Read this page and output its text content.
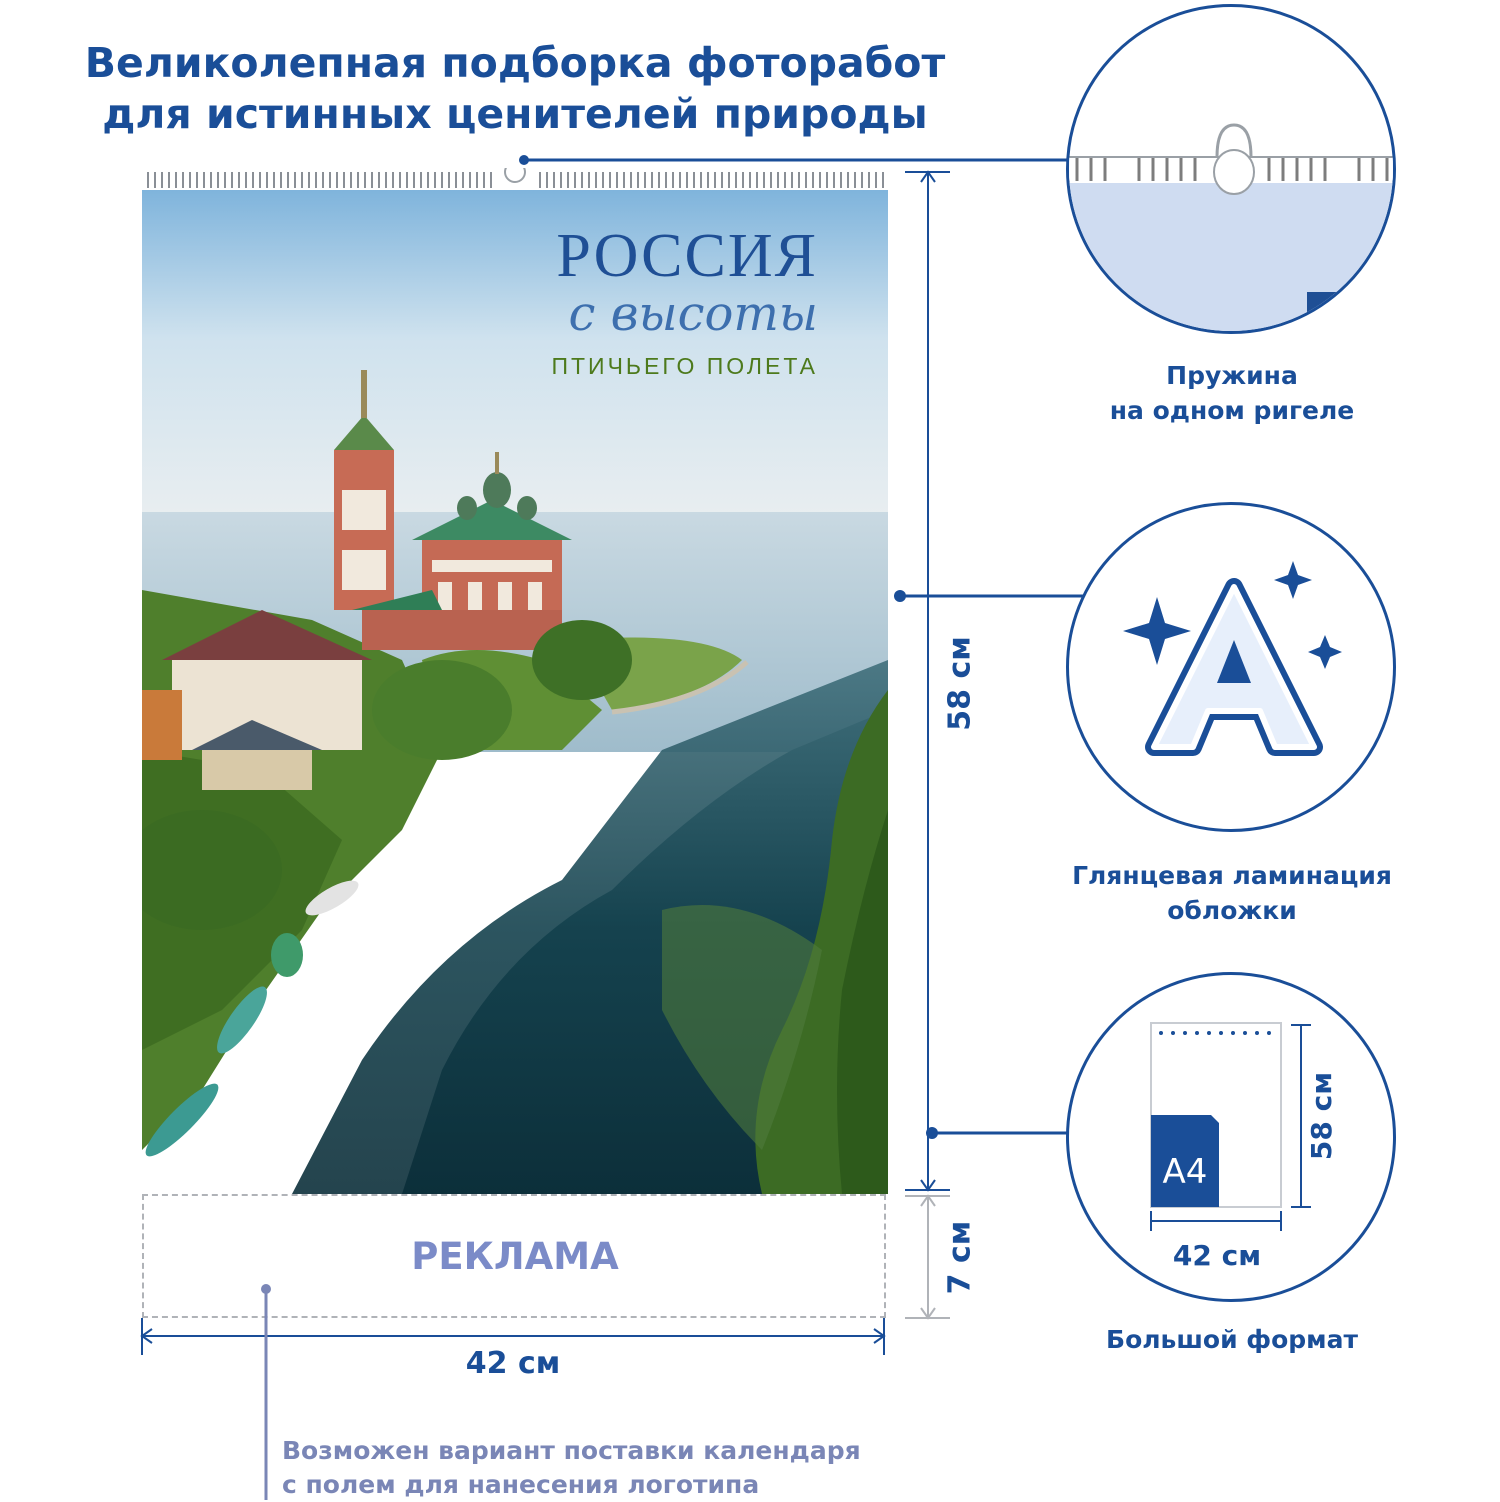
Великолепная подборка фоторабот
для истинных ценителей природы
РОССИЯ
с высоты
ПТИЧЬЕГО ПОЛЕТА
РЕКЛАМА
58 см
7 см
42 см
Пружина
на одном ригеле
Глянцевая ламинация
обложки
A4
42 см
58 см
Большой формат
Возможен вариант поставки календаря
с полем для нанесения логотипа
